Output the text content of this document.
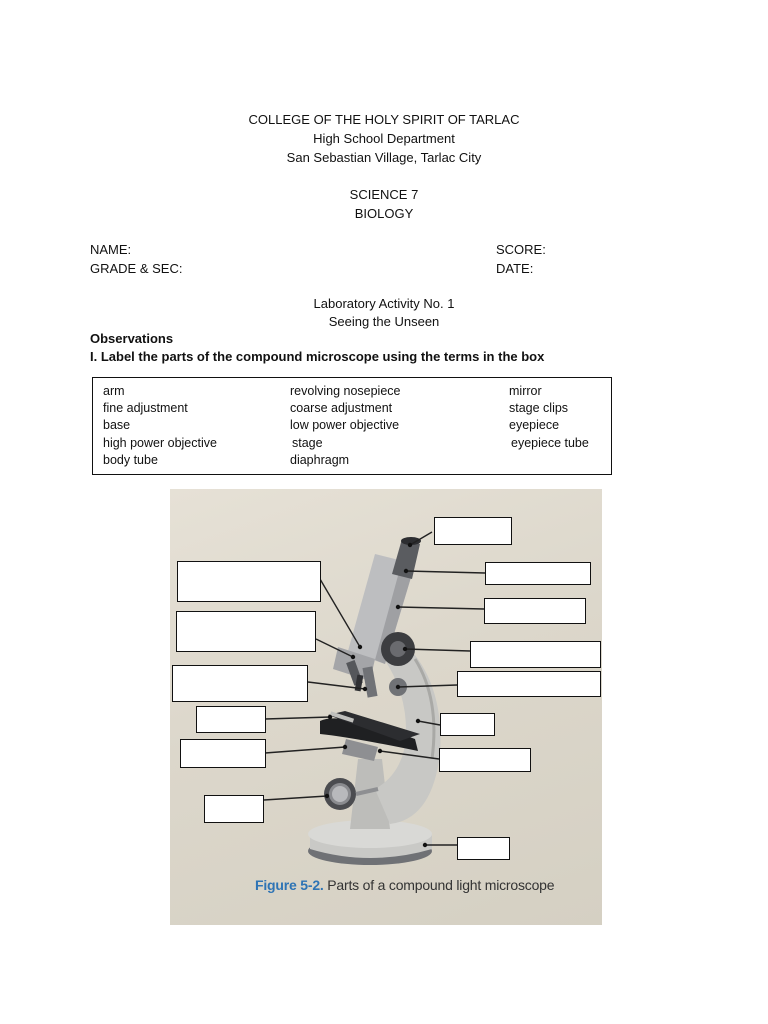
COLLEGE OF THE HOLY SPIRIT OF TARLAC
High School Department
San Sebastian Village, Tarlac City
SCIENCE 7
BIOLOGY
NAME:
GRADE & SEC:
SCORE:
DATE:
Laboratory Activity No. 1
Seeing the Unseen
Observations
I. Label the parts of the compound microscope using the terms in the box
arm
fine adjustment
base
high power objective
body tube
revolving nosepiece
coarse adjustment
low power objective
stage
diaphragm
mirror
stage clips
eyepiece
eyepiece tube
Figure 5-2. Parts of a compound light microscope
